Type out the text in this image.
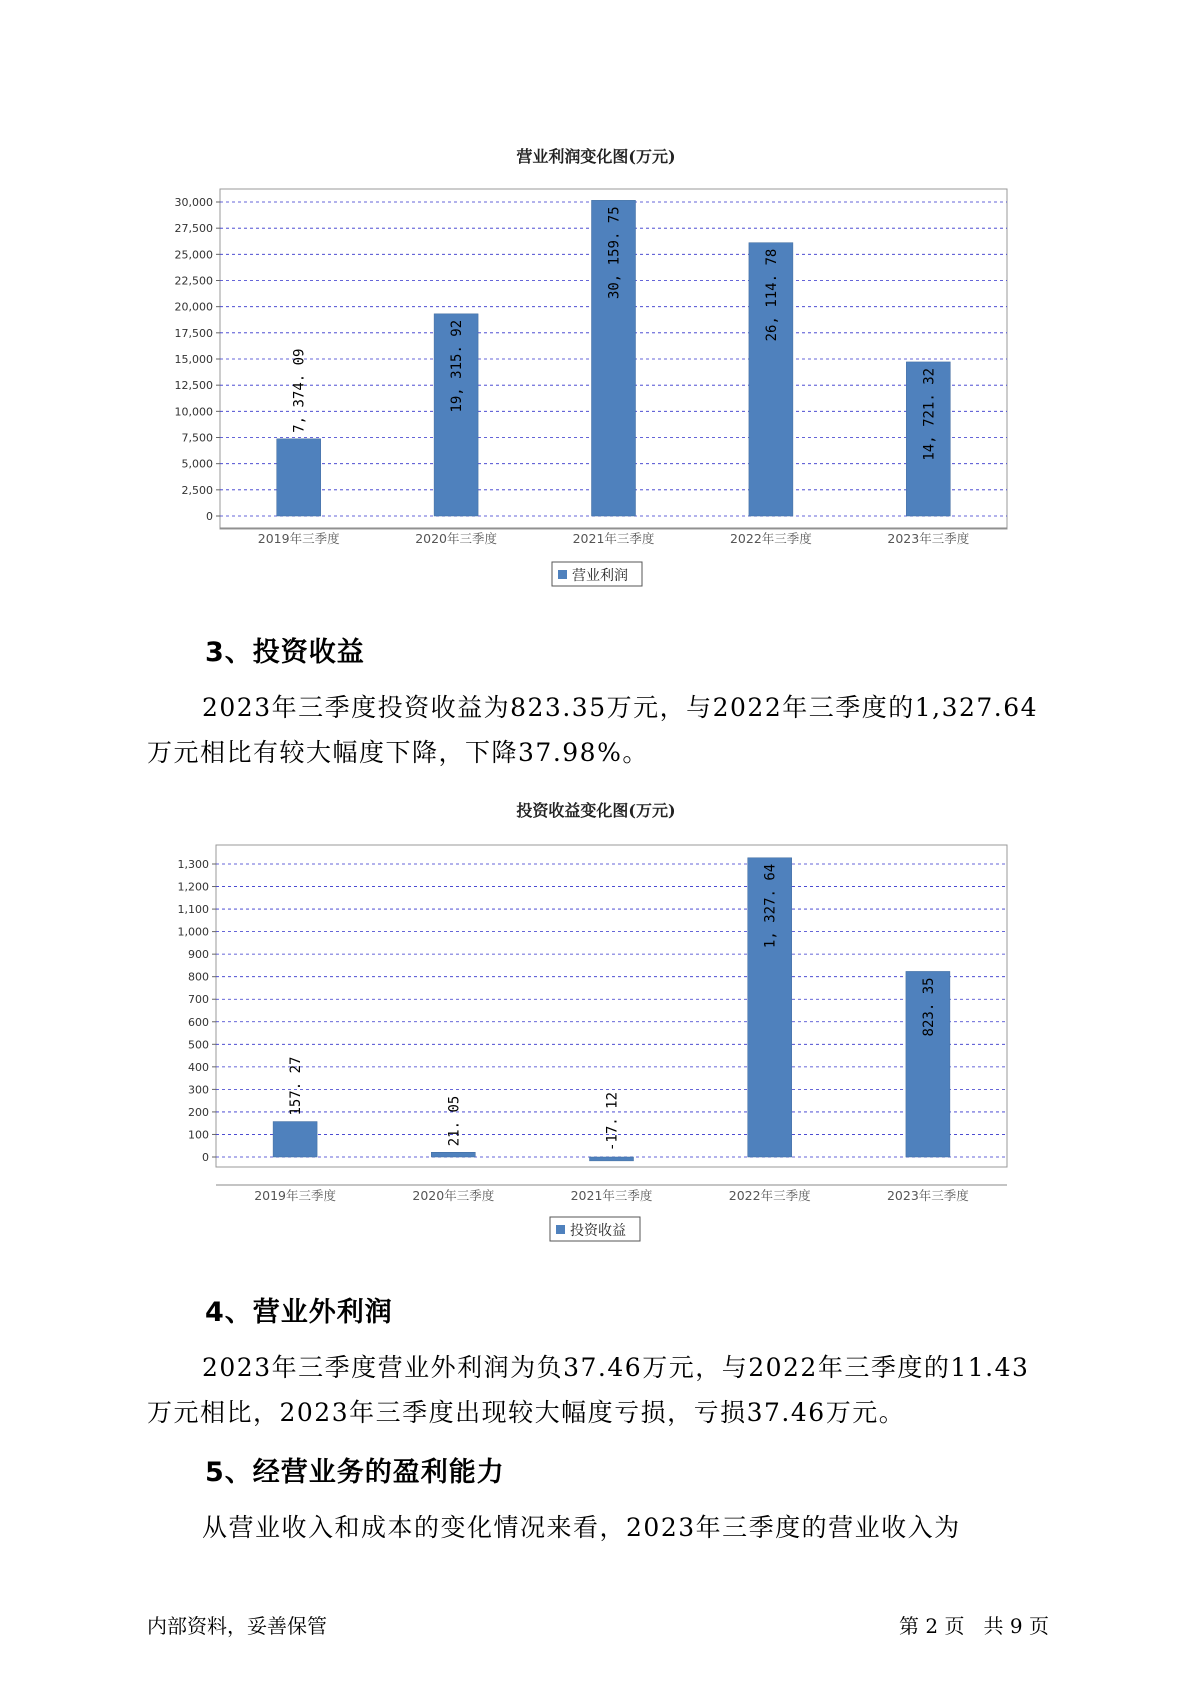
营业利润变化图(万元)
0
2,500
5,000
7,500
10,000
12,500
15,000
17,500
20,000
22,500
25,000
27,500
30,000
7, 374. 09
2019年三季度
19, 315. 92
2020年三季度
30, 159. 75
2021年三季度
26, 114. 78
2022年三季度
14, 721. 32
2023年三季度
营业利润
3、投资收益

2023年三季度投资收益为823.35万元，与2022年三季度的1,327.64万元相比有较大幅度下降，下降37.98%。

投资收益变化图(万元)
0
100
200
300
400
500
600
700
800
900
1,000
1,100
1,200
1,300
157. 27
2019年三季度
21. 05
2020年三季度
-17. 12
2021年三季度
1, 327. 64
2022年三季度
823. 35
2023年三季度
投资收益
4、营业外利润

2023年三季度营业外利润为负37.46万元，与2022年三季度的11.43万元相比，2023年三季度出现较大幅度亏损，亏损37.46万元。

5、经营业务的盈利能力

从营业收入和成本的变化情况来看，2023年三季度的营业收入为

内部资料，妥善保管	第 2 页   共 9 页
